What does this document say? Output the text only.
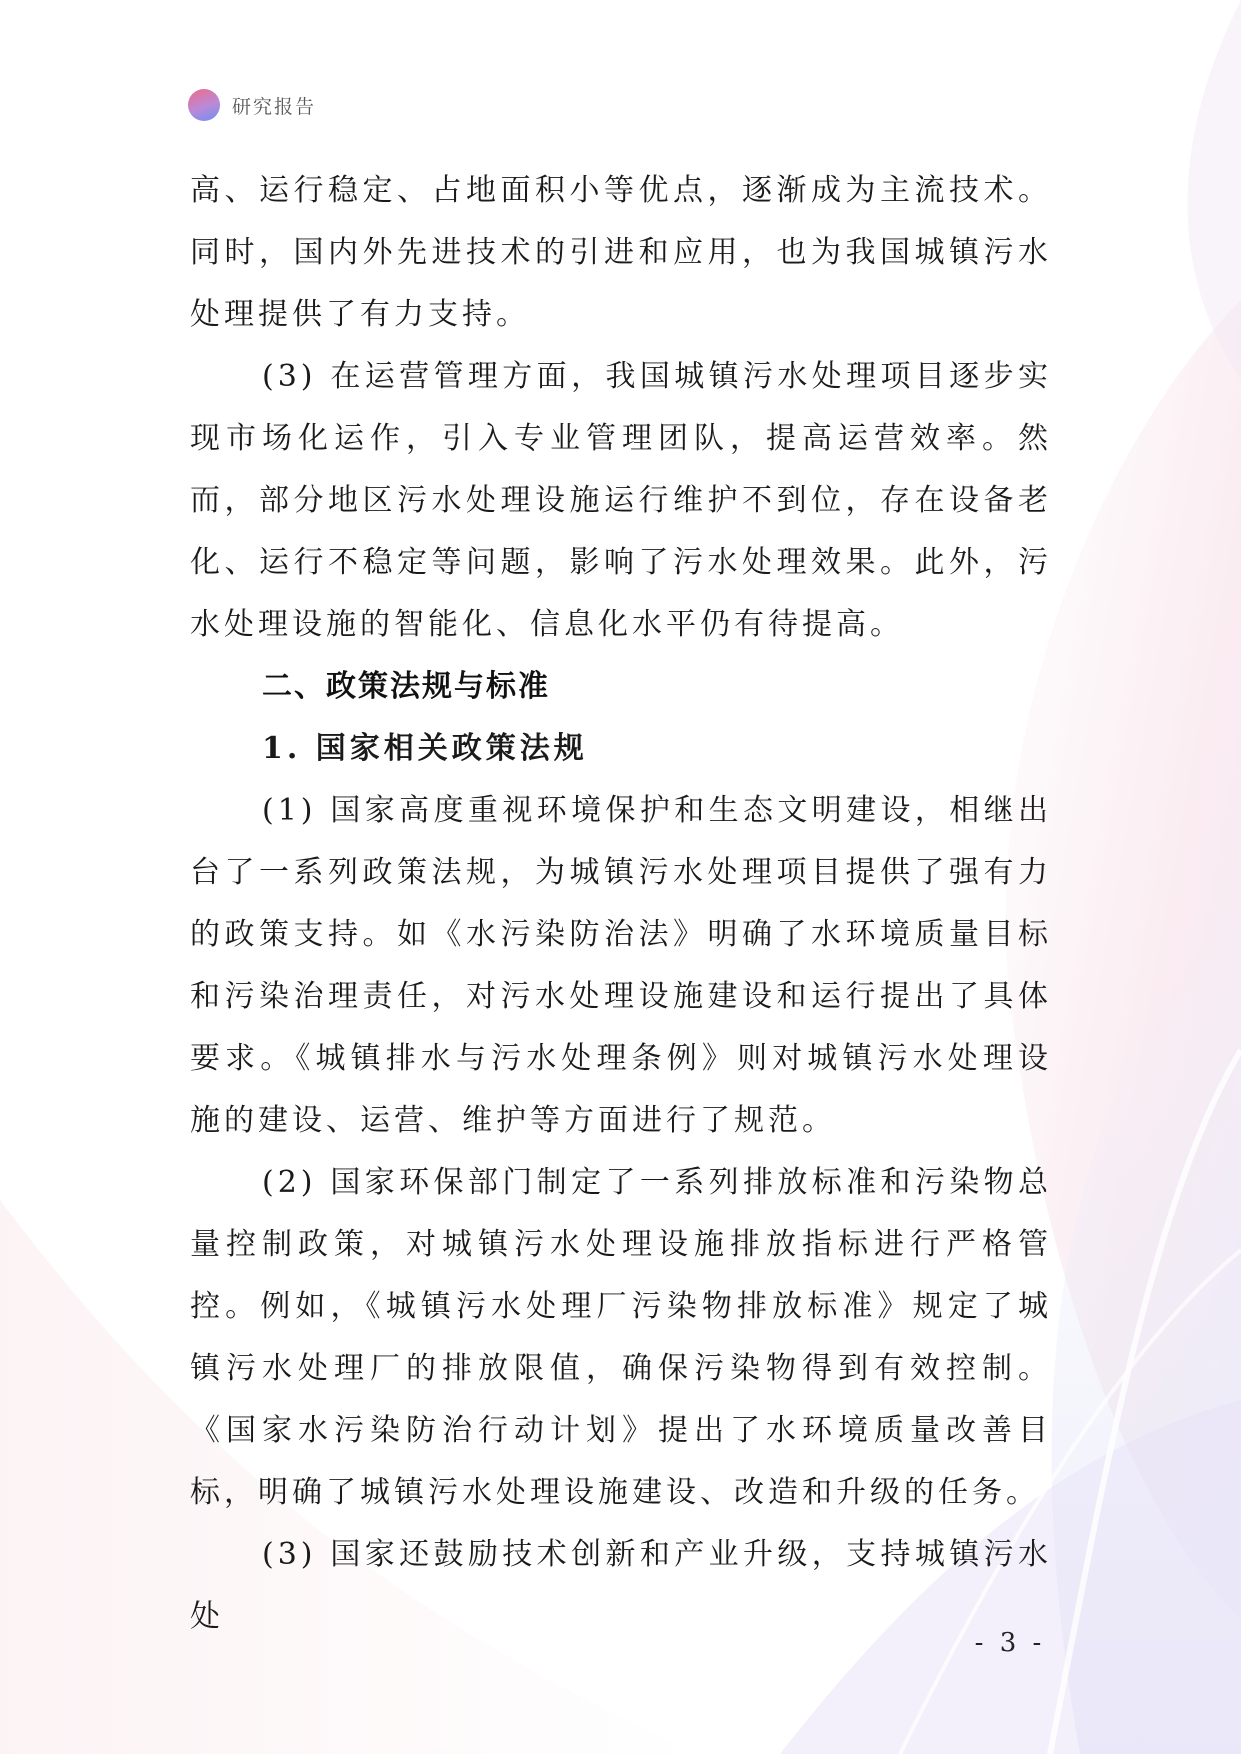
研究报告

高、运行稳定、占地面积小等优点，逐渐成为主流技术。同时，国内外先进技术的引进和应用，也为我国城镇污水处理提供了有力支持。

(3) 在运营管理方面，我国城镇污水处理项目逐步实现市场化运作，引入专业管理团队，提高运营效率。然而，部分地区污水处理设施运行维护不到位，存在设备老化、运行不稳定等问题，影响了污水处理效果。此外，污水处理设施的智能化、信息化水平仍有待提高。

二、政策法规与标准
1. 国家相关政策法规

(1) 国家高度重视环境保护和生态文明建设，相继出台了一系列政策法规，为城镇污水处理项目提供了强有力的政策支持。如《水污染防治法》明确了水环境质量目标和污染治理责任，对污水处理设施建设和运行提出了具体要求。《城镇排水与污水处理条例》则对城镇污水处理设施的建设、运营、维护等方面进行了规范。

(2) 国家环保部门制定了一系列排放标准和污染物总量控制政策，对城镇污水处理设施排放指标进行严格管控。例如，《城镇污水处理厂污染物排放标准》规定了城镇污水处理厂的排放限值，确保污染物得到有效控制。《国家水污染防治行动计划》提出了水环境质量改善目标，明确了城镇污水处理设施建设、改造和升级的任务。

(3) 国家还鼓励技术创新和产业升级，支持城镇污水处

- 3 -
